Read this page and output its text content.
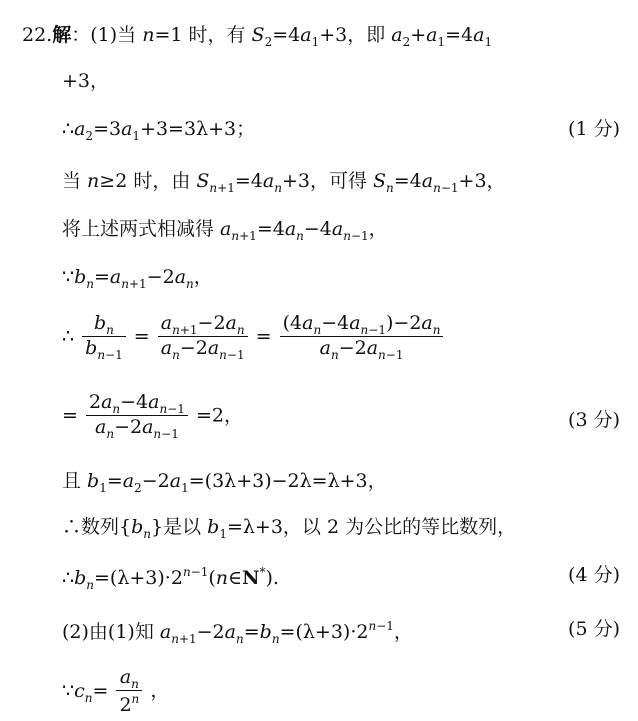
22.解：(1)当 n=1 时，有 $S_2=4a_1+3$，即 $a_2+a_1=4a_1$
+3，
$\therefore a_2=3a_1+3=3\lambda+3$；	(1 分)
当 n≥2 时，由 $S_{n+1}=4a_n+3$，可得 $S_n=4a_{n-1}+3$，
将上述两式相减得 $a_{n+1}=4a_n-4a_{n-1}$，
$\because b_n=a_{n+1}-2a_n$，
∴ $\frac{b_n}{b_{n-1}} = \frac{a_{n+1}-2a_n}{a_n-2a_{n-1}} = \frac{(4a_n-4a_{n-1})-2a_n}{a_n-2a_{n-1}}$
= $\frac{2a_n-4a_{n-1}}{a_n-2a_{n-1}} =2$，	(3 分)
且 $b_1=a_2-2a_1=(3\lambda+3)-2\lambda=\lambda+3$，
∴数列$\{b_n\}$是以 $b_1=\lambda+3$，以 2 为公比的等比数列，
$\therefore b_n=(\lambda+3)\cdot 2^{n-1}(n\in N^*)$.	(4 分)
(2)由(1)知 $a_{n+1}-2a_n=b_n=(\lambda+3)\cdot 2^{n-1}$，	(5 分)
$\because c_n= \frac{a_n}{2^n}$ ，
